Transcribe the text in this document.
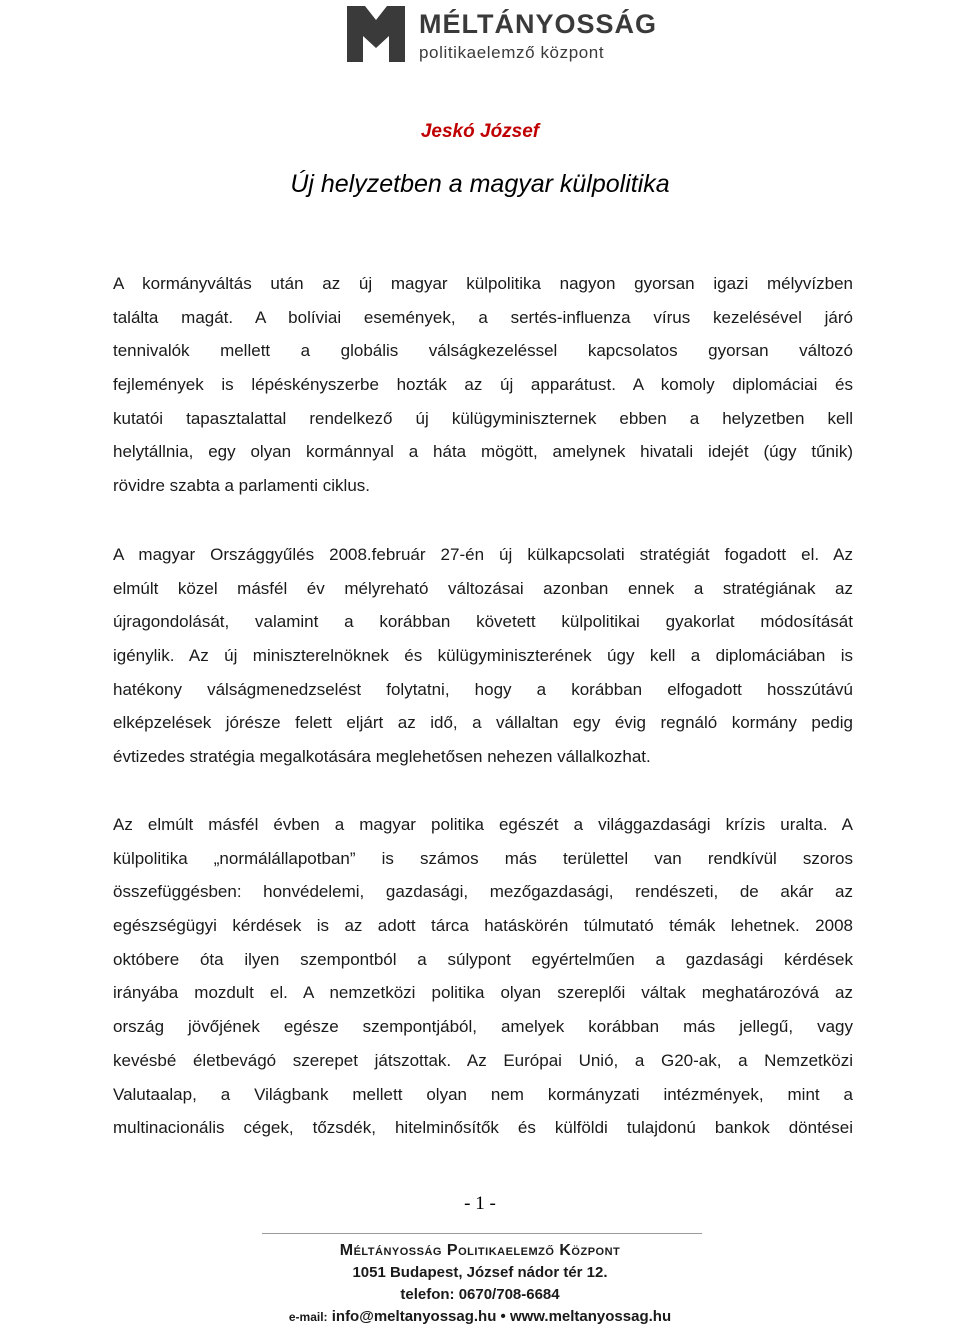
MÉLTÁNYOSSÁG
politikaelemző központ
Jeskó József
Új helyzetben a magyar külpolitika
A kormányváltás után az új magyar külpolitika nagyon gyorsan igazi mélyvízben
találta magát. A bolíviai események, a sertés-influenza vírus kezelésével járó
tennivalók mellett a globális válságkezeléssel kapcsolatos gyorsan változó
fejlemények is lépéskényszerbe hozták az új apparátust. A komoly diplomáciai és
kutatói tapasztalattal rendelkező új külügyminiszternek ebben a helyzetben kell
helytállnia, egy olyan kormánnyal a háta mögött, amelynek hivatali idejét (úgy tűnik)
rövidre szabta a parlamenti ciklus.
A magyar Országgyűlés 2008.február 27-én új külkapcsolati stratégiát fogadott el. Az
elmúlt közel másfél év mélyreható változásai azonban ennek a stratégiának az
újragondolását, valamint a korábban követett külpolitikai gyakorlat módosítását
igénylik. Az új miniszterelnöknek és külügyminiszterének úgy kell a diplomáciában is
hatékony válságmenedzselést folytatni, hogy a korábban elfogadott hosszútávú
elképzelések jórésze felett eljárt az idő, a vállaltan egy évig regnáló kormány pedig
évtizedes stratégia megalkotására meglehetősen nehezen vállalkozhat.
Az elmúlt másfél évben a magyar politika egészét a világgazdasági krízis uralta. A
külpolitika „normálállapotban” is számos más területtel van rendkívül szoros
összefüggésben: honvédelemi, gazdasági, mezőgazdasági, rendészeti, de akár az
egészségügyi kérdések is az adott tárca hatáskörén túlmutató témák lehetnek. 2008
októbere óta ilyen szempontból a súlypont egyértelműen a gazdasági kérdések
irányába mozdult el. A nemzetközi politika olyan szereplői váltak meghatározóvá az
ország jövőjének egésze szempontjából, amelyek korábban más jellegű, vagy
kevésbé életbevágó szerepet játszottak. Az Európai Unió, a G20-ak, a Nemzetközi
Valutaalap, a Világbank mellett olyan nem kormányzati intézmények, mint a
multinacionális cégek, tőzsdék, hitelminősítők és külföldi tulajdonú bankok döntései
- 1 -
Méltányosság Politikaelemző Központ
1051 Budapest, József nádor tér 12.
telefon: 0670/708-6684
e-mail: info@meltanyossag.hu • www.meltanyossag.hu
